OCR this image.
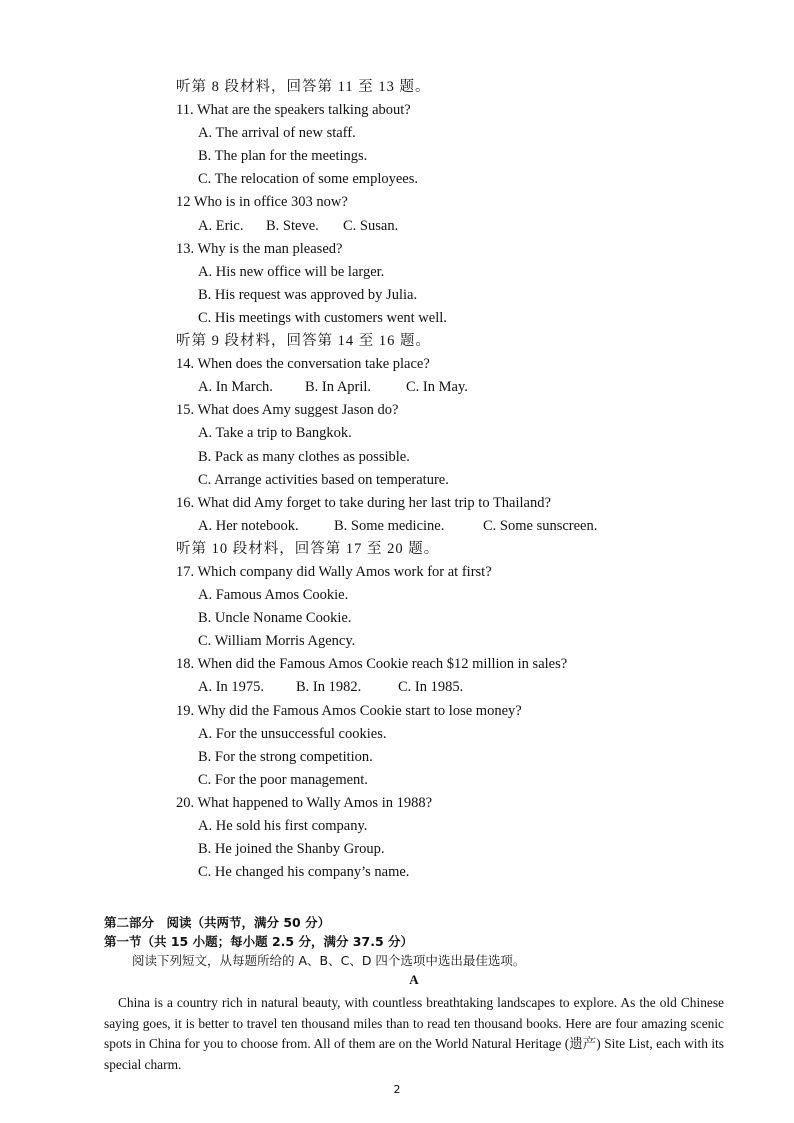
听第 8 段材料，回答第 11 至 13 题。
11. What are the speakers talking about?
A. The arrival of new staff.
B. The plan for the meetings.
C. The relocation of some employees.
12 Who is in office 303 now?
A. Eric. B. Steve. C. Susan.
13. Why is the man pleased?
A. His new office will be larger.
B. His request was approved by Julia.
C. His meetings with customers went well.
听第 9 段材料，回答第 14 至 16 题。
14. When does the conversation take place?
A. In March. B. In April. C. In May.
15. What does Amy suggest Jason do?
A. Take a trip to Bangkok.
B. Pack as many clothes as possible.
C. Arrange activities based on temperature.
16. What did Amy forget to take during her last trip to Thailand?
A. Her notebook. B. Some medicine.	C. Some sunscreen.
听第 10 段材料，回答第 17 至 20 题。
17. Which company did Wally Amos work for at first?
A. Famous Amos Cookie.
B. Uncle Noname Cookie.
C. William Morris Agency.
18. When did the Famous Amos Cookie reach $12 million in sales?
A. In 1975. B. In 1982.	C. In 1985.
19. Why did the Famous Amos Cookie start to lose money?
A. For the unsuccessful cookies.
B. For the strong competition.
C. For the poor management.
20. What happened to Wally Amos in 1988?
A. He sold his first company.
B. He joined the Shanby Group.
C. He changed his company’s name.
第二部分　阅读（共两节，满分 50 分）
第一节（共 15 小题；每小题 2.5 分，满分 37.5 分）
阅读下列短文，从每题所给的 A、B、C、D 四个选项中选出最佳选项。
A
China is a country rich in natural beauty, with countless breathtaking landscapes to explore. As the old Chinese saying goes, it is better to travel ten thousand miles than to read ten thousand books. Here are four amazing scenic spots in China for you to choose from. All of them are on the World Natural Heritage (遗产) Site List, each with its special charm.
2
